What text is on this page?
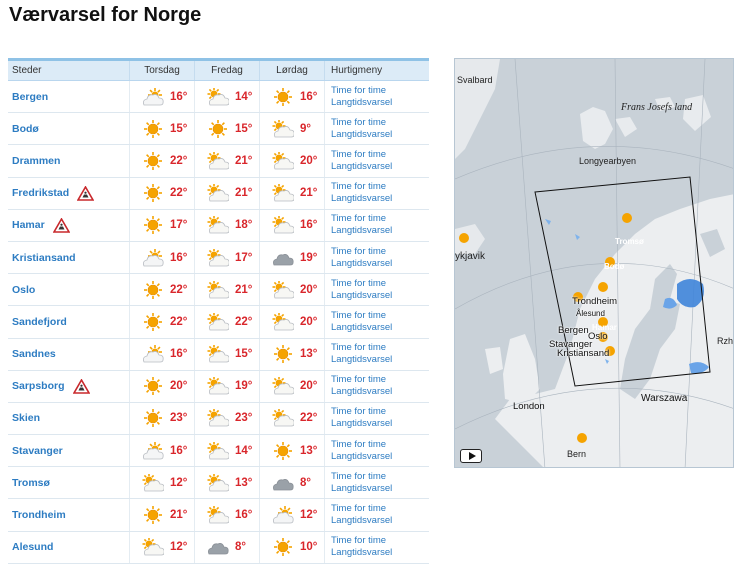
Værvarsel for Norge
Steder	Torsdag	Fredag	Lørdag	Hurtigmeny
Bergen	16°	14°	16°
Time for time
Langtidsvarsel
Bodø	15°	15°	9°
Time for time
Langtidsvarsel
Drammen	22°	21°	20°
Time for time
Langtidsvarsel
Fredrikstad	22°	21°	21°
Time for time
Langtidsvarsel
Hamar	17°	18°	16°
Time for time
Langtidsvarsel
Kristiansand	16°	17°	19°
Time for time
Langtidsvarsel
Oslo	22°	21°	20°
Time for time
Langtidsvarsel
Sandefjord	22°	22°	20°
Time for time
Langtidsvarsel
Sandnes	16°	15°	13°
Time for time
Langtidsvarsel
Sarpsborg	20°	19°	20°
Time for time
Langtidsvarsel
Skien	23°	23°	22°
Time for time
Langtidsvarsel
Stavanger	16°	14°	13°
Time for time
Langtidsvarsel
Tromsø	12°	13°	8°
Time for time
Langtidsvarsel
Trondheim	21°	16°	12°
Time for time
Langtidsvarsel
Alesund	12°	8°	10°
Time for time
Langtidsvarsel
Svalbard
Frans Josefs land
Longyearbyen
ykjavik
Tromsø
Bodø
Trondheim
Ålesund
Bergen Hamar
Oslo
Stavanger
Kristiansand
London
Warszawa
Bern
Rzh
